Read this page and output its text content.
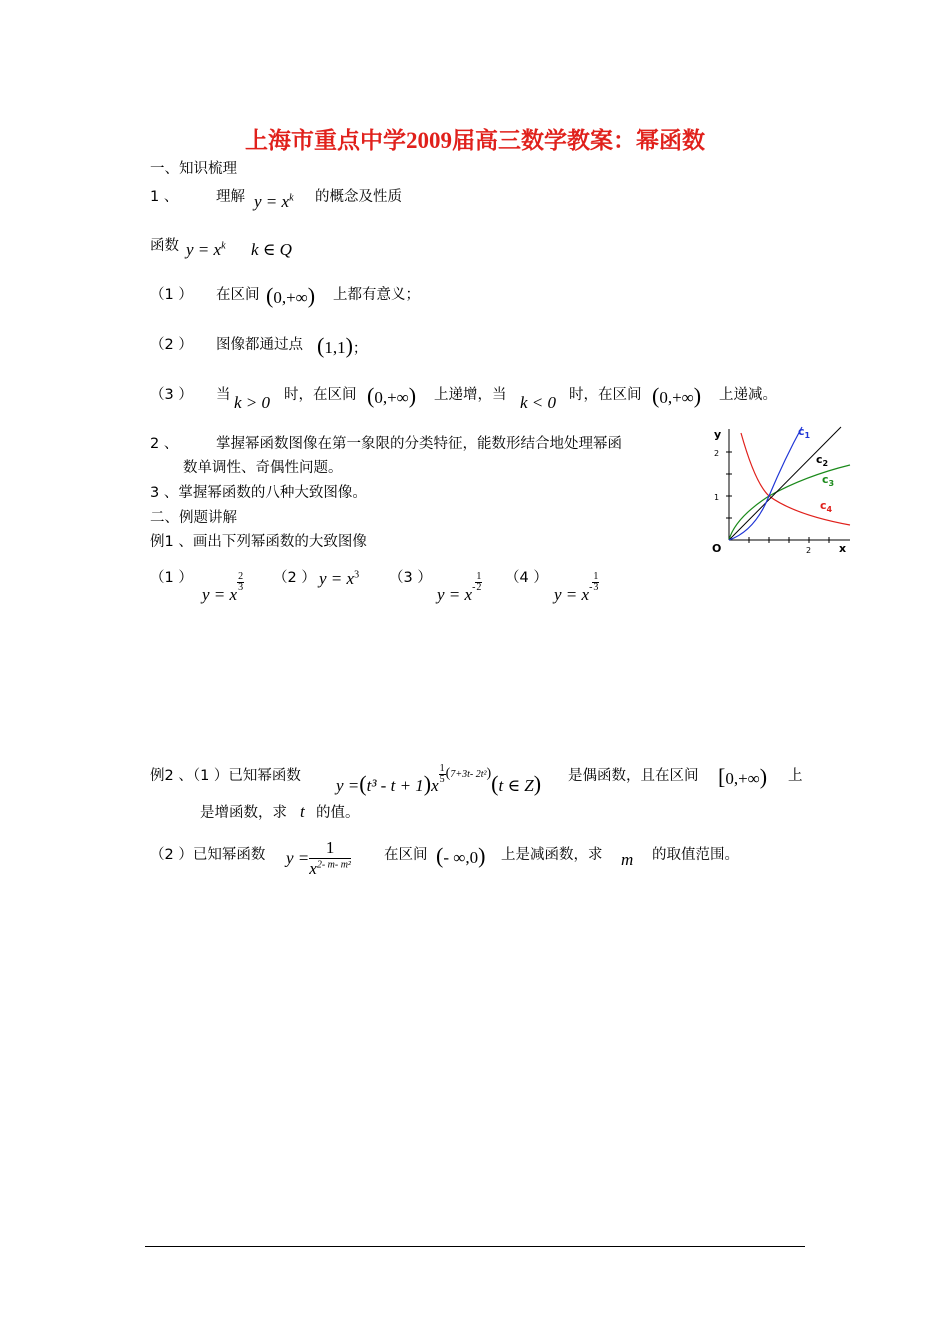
上海市重点中学2009届高三数学教案：幂函数
一、知识梳理
1 、	理解 $y = x^k$ 的概念及性质
函数 $y = x^k$ k ∈ Q
（1 ） 在区间 (0,+∞) 上都有意义；
（2 ） 图像都通过点 (1,1)；
（3 ） 当 k > 0 时，在区间 (0,+∞) 上递增，当 k < 0 时，在区间 (0,+∞) 上递减。
2 、	掌握幂函数图像在第一象限的分类特征，能数形结合地处理幂函
数单调性、奇偶性问题。
3 、掌握幂函数的八种大致图像。
二、例题讲解
例1 、画出下列幂函数的大致图像
（1 ）
y = x
$\frac{2}{3} (2$ ） $y = x^3$ （3 ）
$y = x^- \frac{1}{2} (4$ ）
$y = x^- \frac{1}{3}$
例2 、（1 ）已知幂函数 y =(t³ - t + 1)x
$\frac{1}{5} (7+3t-$ 2t²)(t ∈ Z) 是偶函数，且在区间 [0,+∞) 上
是增函数，求 t 的值。
（2 ）已知幂函数 $y = \frac{1}{x^{2- m- m^2}}$ 在区间 (- ∞,0) 上是减函数，求 m 的取值范围。
y
x
O
1
2
2
$c_1$
$c_2$
$c_3$
$c_4$
